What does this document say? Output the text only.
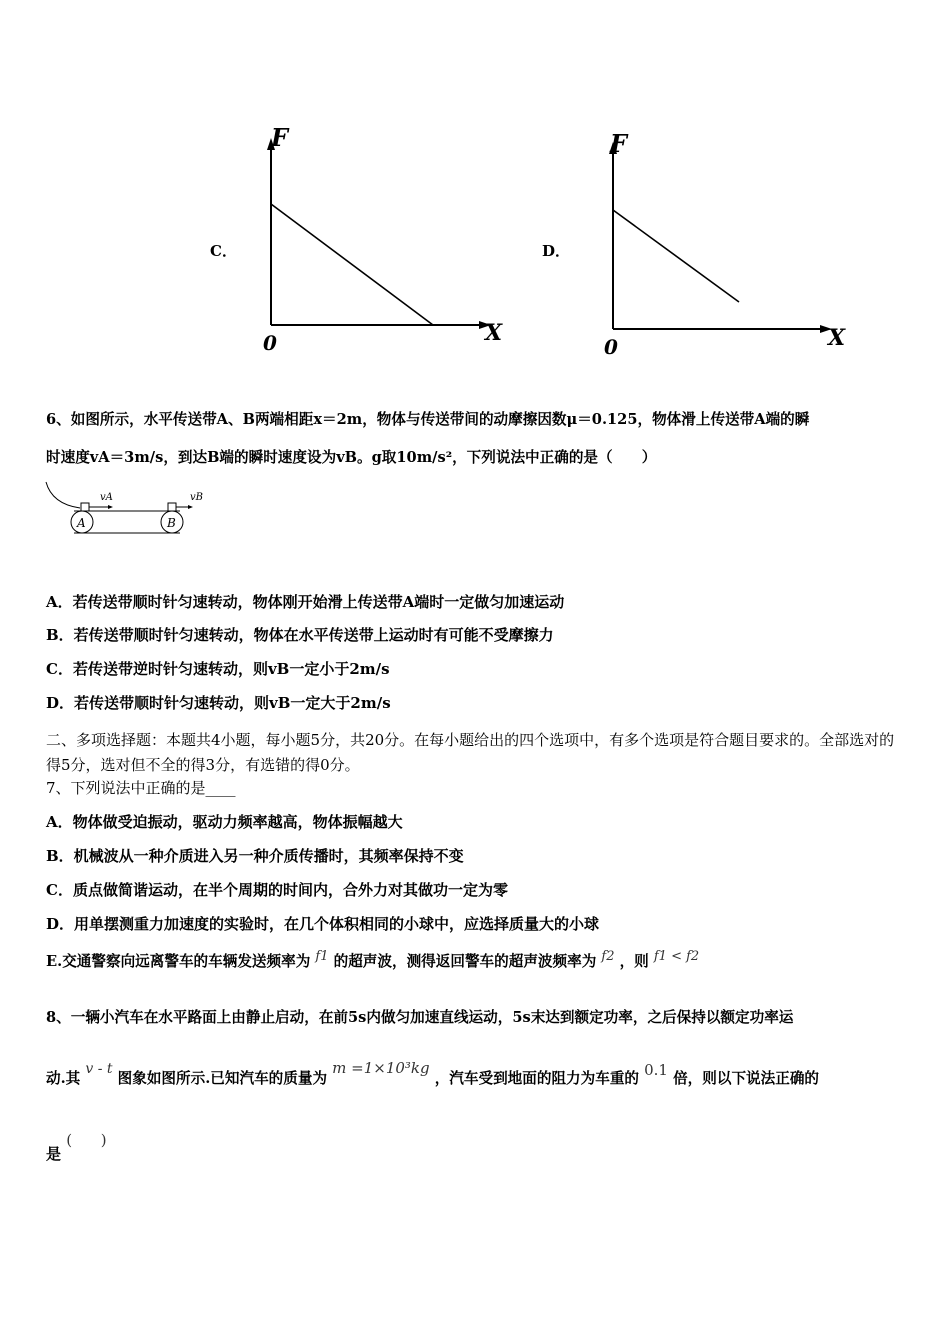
C．
F
X
0
D．
F
X
0
6、如图所示，水平传送带A、B两端相距x＝2m，物体与传送带间的动摩擦因数μ＝0.125，物体滑上传送带A端的瞬
时速度vA＝3m/s，到达B端的瞬时速度设为vB。g取10m/s²，下列说法中正确的是（　　）
A	B
vA	vB
A．若传送带顺时针匀速转动，物体刚开始滑上传送带A端时一定做匀加速运动
B．若传送带顺时针匀速转动，物体在水平传送带上运动时有可能不受摩擦力
C．若传送带逆时针匀速转动，则vB一定小于2m/s
D．若传送带顺时针匀速转动，则vB一定大于2m/s
二、多项选择题：本题共4小题，每小题5分，共20分。在每小题给出的四个选项中，有多个选项是符合题目要求的。全部选对的得5分，选对但不全的得3分，有选错的得0分。
7、下列说法中正确的是____
A．物体做受迫振动，驱动力频率越高，物体振幅越大
B．机械波从一种介质进入另一种介质传播时，其频率保持不变
C．质点做简谐运动，在半个周期的时间内，合外力对其做功一定为零
D．用单摆测重力加速度的实验时，在几个体积相同的小球中，应选择质量大的小球
E.交通警察向远离警车的车辆发送频率为 f1 的超声波，测得返回警车的超声波频率为 f2 ，则 f1 < f2
8、一辆小汽车在水平路面上由静止启动，在前5s内做匀加速直线运动，5s末达到额定功率，之后保持以额定功率运
动.其 v - t 图象如图所示.已知汽车的质量为 m =1×10³kg ，汽车受到地面的阻力为车重的 0.1 倍，则以下说法正确的
是 (      )
